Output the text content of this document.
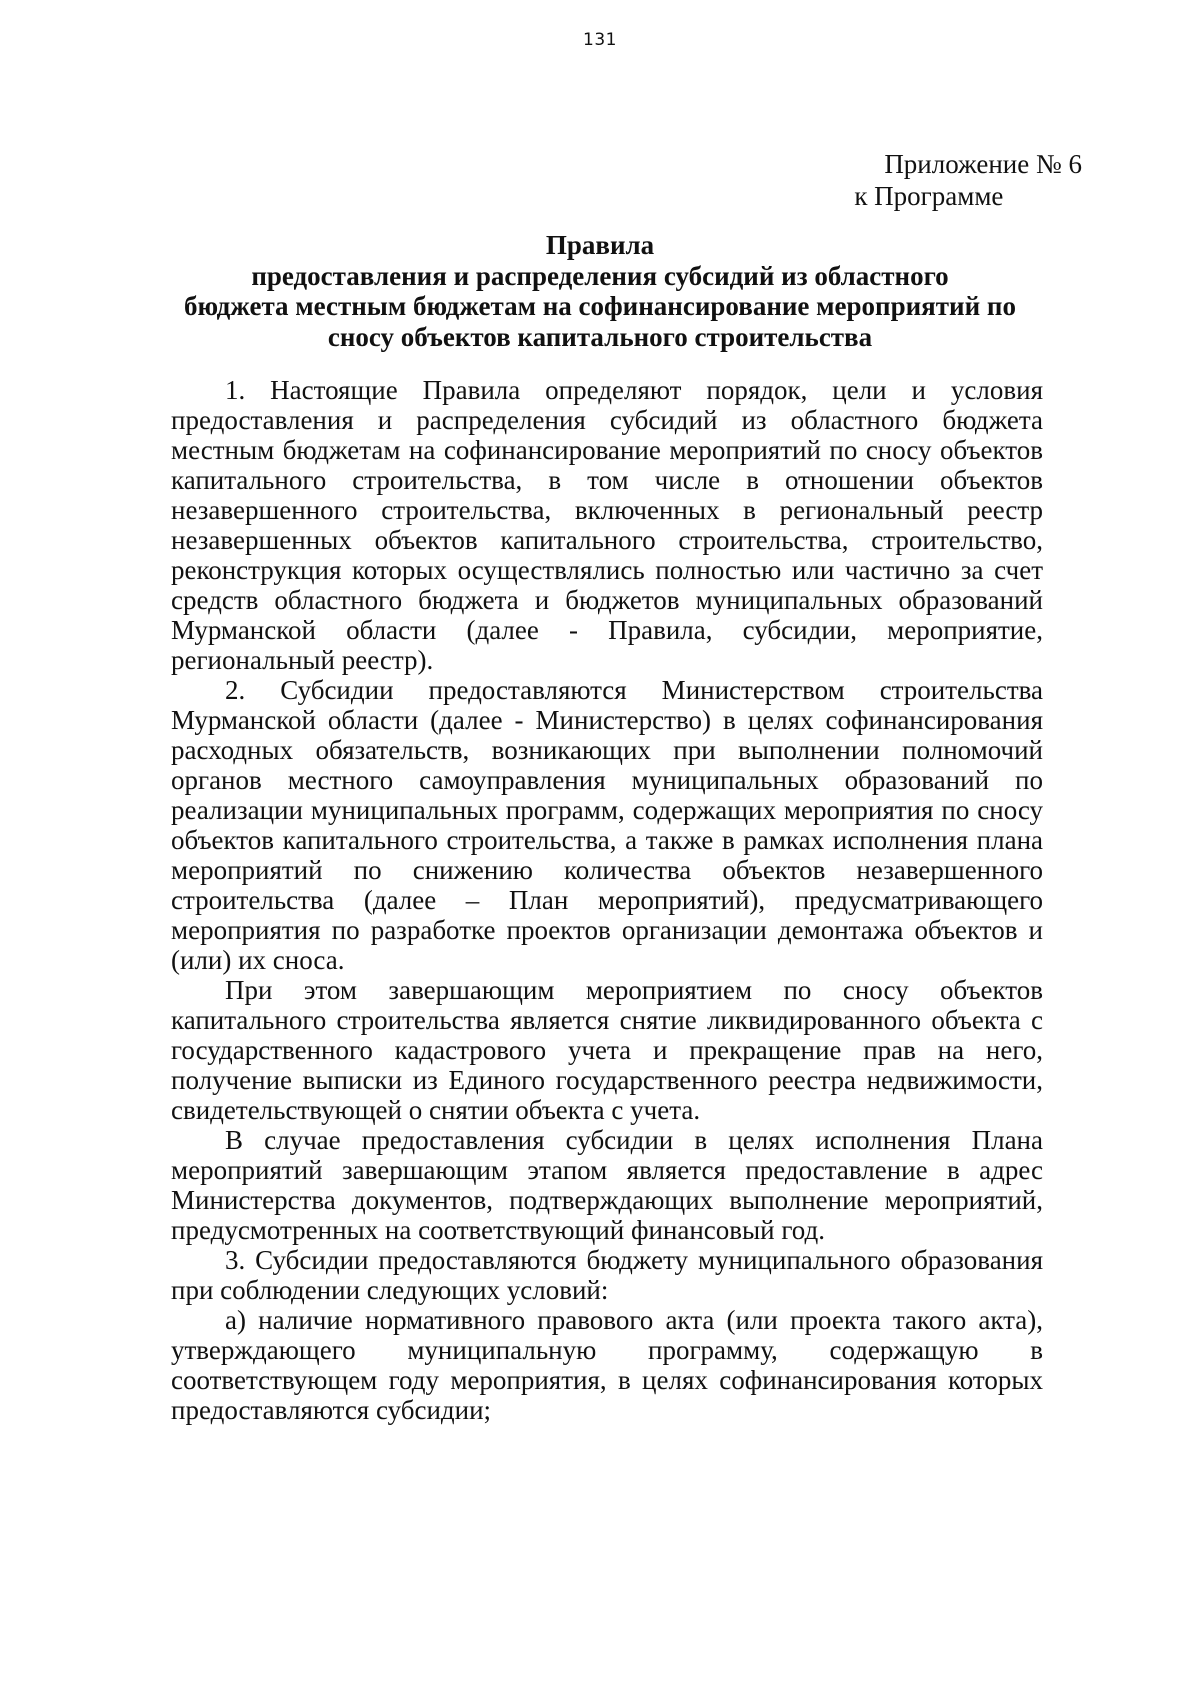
131
Приложение № 6
к Программе
Правила
предоставления и распределения субсидий из областного
бюджета местным бюджетам на софинансирование мероприятий по
сносу объектов капитального строительства

1. Настоящие Правила определяют порядок, цели и условия предоставления и распределения субсидий из областного бюджета местным бюджетам на софинансирование мероприятий по сносу объектов капитального строительства, в том числе в отношении объектов незавершенного строительства, включенных в региональный реестр незавершенных объектов капитального строительства, строительство, реконструкция которых осуществлялись полностью или частично за счет средств областного бюджета и бюджетов муниципальных образований Мурманской области (далее - Правила, субсидии, мероприятие, региональный реестр).

2. Субсидии предоставляются Министерством строительства Мурманской области (далее - Министерство) в целях софинансирования расходных обязательств, возникающих при выполнении полномочий органов местного самоуправления муниципальных образований по реализации муниципальных программ, содержащих мероприятия по сносу объектов капитального строительства, а также в рамках исполнения плана мероприятий по снижению количества объектов незавершенного строительства (далее – План мероприятий), предусматривающего мероприятия по разработке проектов организации демонтажа объектов и (или) их сноса.

При этом завершающим мероприятием по сносу объектов капитального строительства является снятие ликвидированного объекта с государственного кадастрового учета и прекращение прав на него, получение выписки из Единого государственного реестра недвижимости, свидетельствующей о снятии объекта с учета.

В случае предоставления субсидии в целях исполнения Плана мероприятий завершающим этапом является предоставление в адрес Министерства документов, подтверждающих выполнение мероприятий, предусмотренных на соответствующий финансовый год.

3. Субсидии предоставляются бюджету муниципального образования при соблюдении следующих условий:

а) наличие нормативного правового акта (или проекта такого акта), утверждающего муниципальную программу, содержащую в соответствующем году мероприятия, в целях софинансирования которых предоставляются субсидии;
